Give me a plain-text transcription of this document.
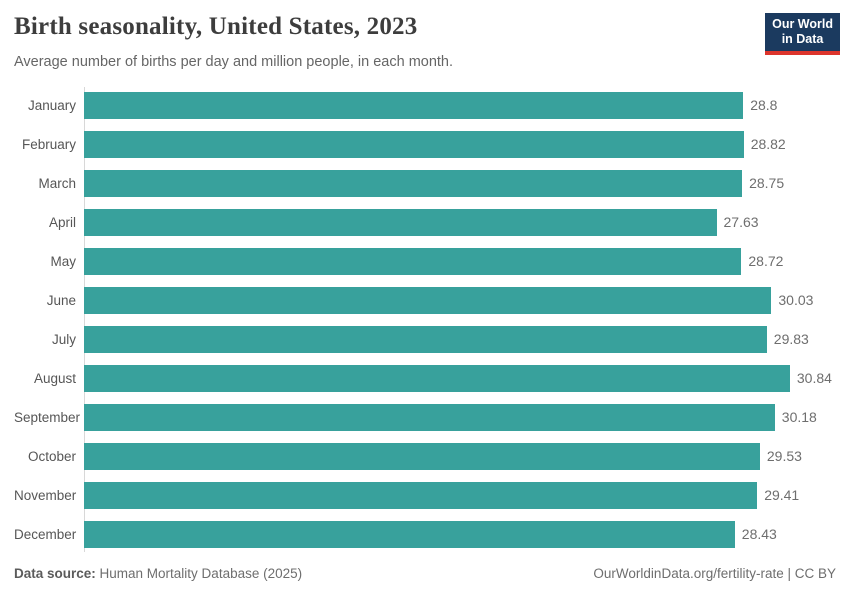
Birth seasonality, United States, 2023

Average number of births per day and million people, in each month.

Our World
in Data
January	28.8
February	28.82
March	28.75
April	27.63
May	28.72
June	30.03
July	29.83
August	30.84
September	30.18
October	29.53
November	29.41
December	28.43
Data source: Human Mortality Database (2025)	OurWorldinData.org/fertility-rate | CC BY
